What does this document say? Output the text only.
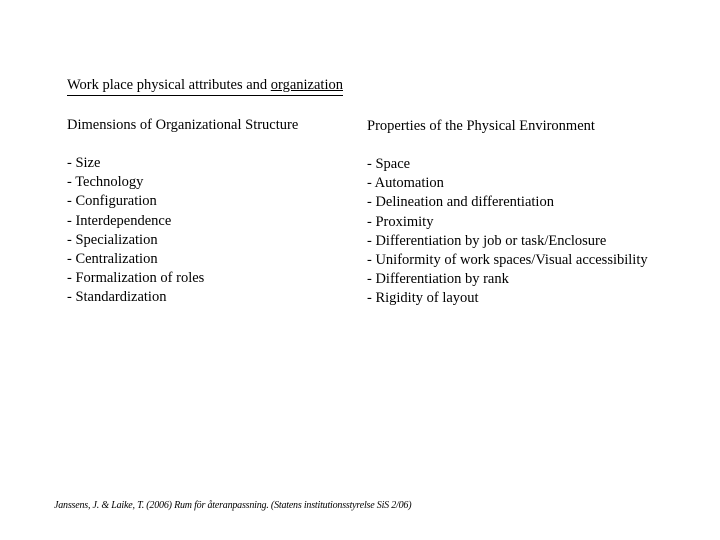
Work place physical attributes and organization
Dimensions of Organizational Structure	Properties of the Physical Environment
- Size
- Technology
- Configuration
- Interdependence
- Specialization
- Centralization
- Formalization of roles
- Standardization
- Space
- Automation
- Delineation and differentiation
- Proximity
- Differentiation by job or task/Enclosure
- Uniformity of work spaces/Visual accessibility
- Differentiation by rank
- Rigidity of layout
Janssens, J. & Laike, T. (2006) Rum för återanpassning. (Statens institutionsstyrelse SiS 2/06)
